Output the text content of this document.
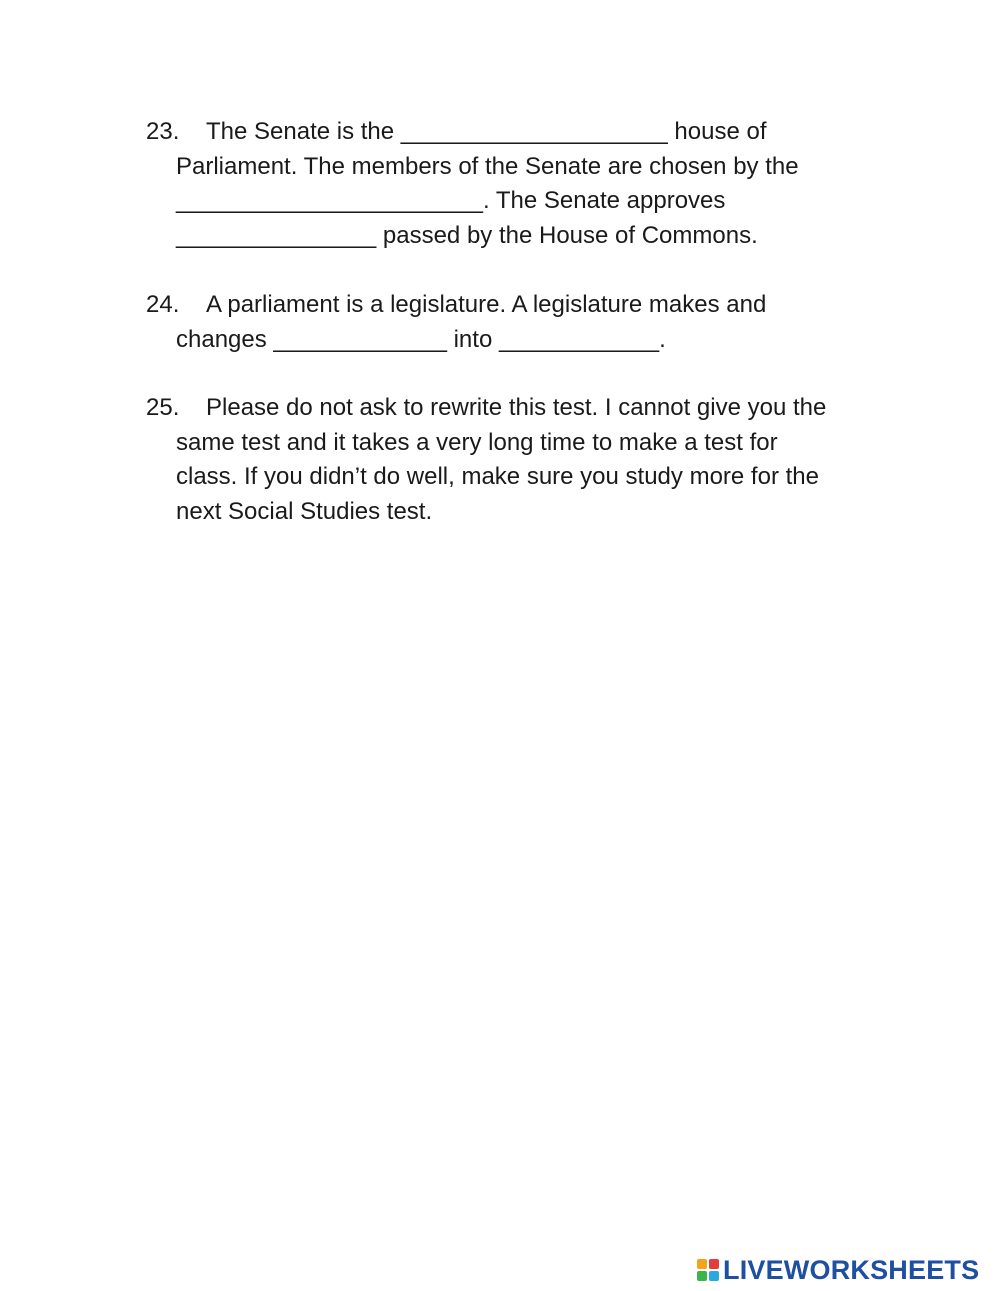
23. The Senate is the ____________________ house of
Parliament. The members of the Senate are chosen by the
_______________________. The Senate approves
_______________ passed by the House of Commons.
24. A parliament is a legislature. A legislature makes and
changes _____________ into ____________.
25. Please do not ask to rewrite this test. I cannot give you the
same test and it takes a very long time to make a test for
class. If you didn’t do well, make sure you study more for the
next Social Studies test.
LIVEWORKSHEETS
